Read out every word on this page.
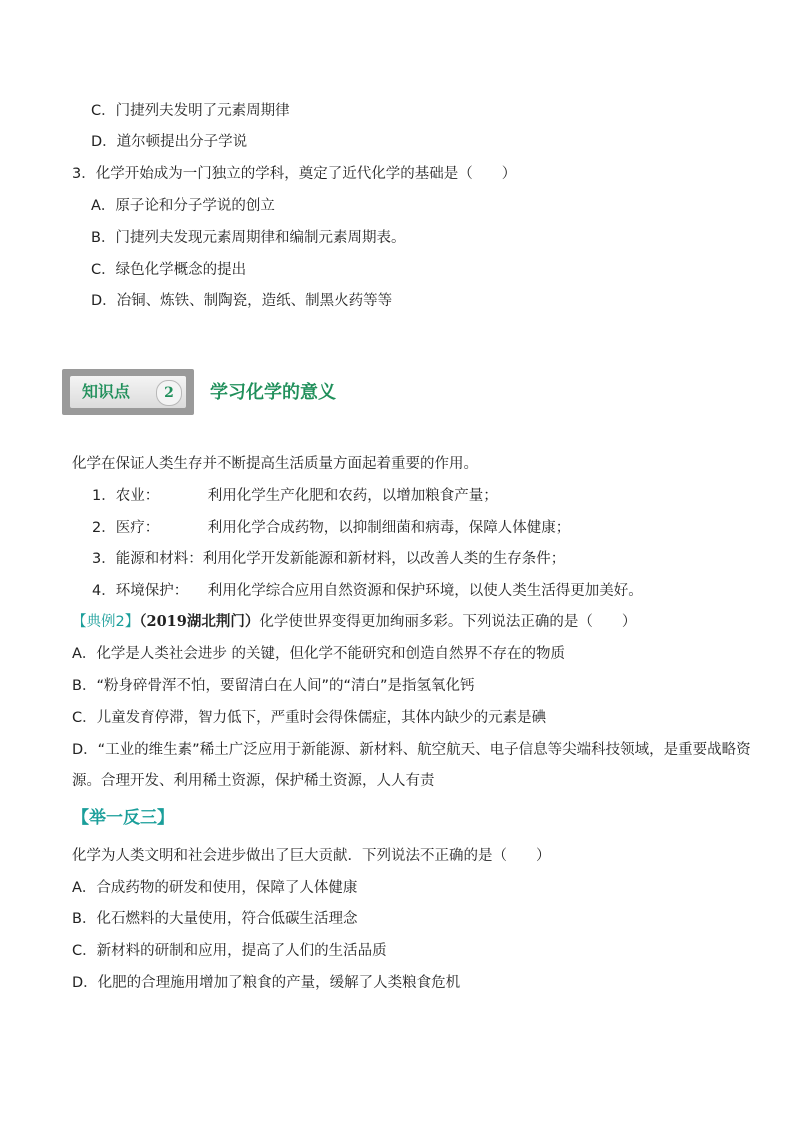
C．门捷列夫发明了元素周期律
D．道尔顿提出分子学说
3．化学开始成为一门独立的学科，奠定了近代化学的基础是（　　）
A．原子论和分子学说的创立
B．门捷列夫发现元素周期律和编制元素周期表。
C．绿色化学概念的提出
D．冶铜、炼铁、制陶瓷，造纸、制黑火药等等
知识点	2	学习化学的意义
化学在保证人类生存并不断提高生活质量方面起着重要的作用。
1．农业：	利用化学生产化肥和农药，以增加粮食产量；
2．医疗：	利用化学合成药物，以抑制细菌和病毒，保障人体健康；
3．能源和材料：利用化学开发新能源和新材料，以改善人类的生存条件；
4．环境保护： 利用化学综合应用自然资源和保护环境，以使人类生活得更加美好。
【典例2】（2019湖北荆门）化学使世界变得更加绚丽多彩。下列说法正确的是（　　）
A．化学是人类社会进步 的关键，但化学不能研究和创造自然界不存在的物质
B．“粉身碎骨浑不怕，要留清白在人间”的“清白”是指氢氧化钙
C．儿童发育停滞，智力低下，严重时会得侏儒症，其体内缺少的元素是碘
D．“工业的维生素”稀土广泛应用于新能源、新材料、航空航天、电子信息等尖端科技领域，是重要战略资
源。合理开发、利用稀土资源，保护稀土资源，人人有责
【举一反三】
化学为人类文明和社会进步做出了巨大贡献．下列说法不正确的是（　　）
A．合成药物的研发和使用，保障了人体健康
B．化石燃料的大量使用，符合低碳生活理念
C．新材料的研制和应用，提高了人们的生活品质
D．化肥的合理施用增加了粮食的产量，缓解了人类粮食危机
